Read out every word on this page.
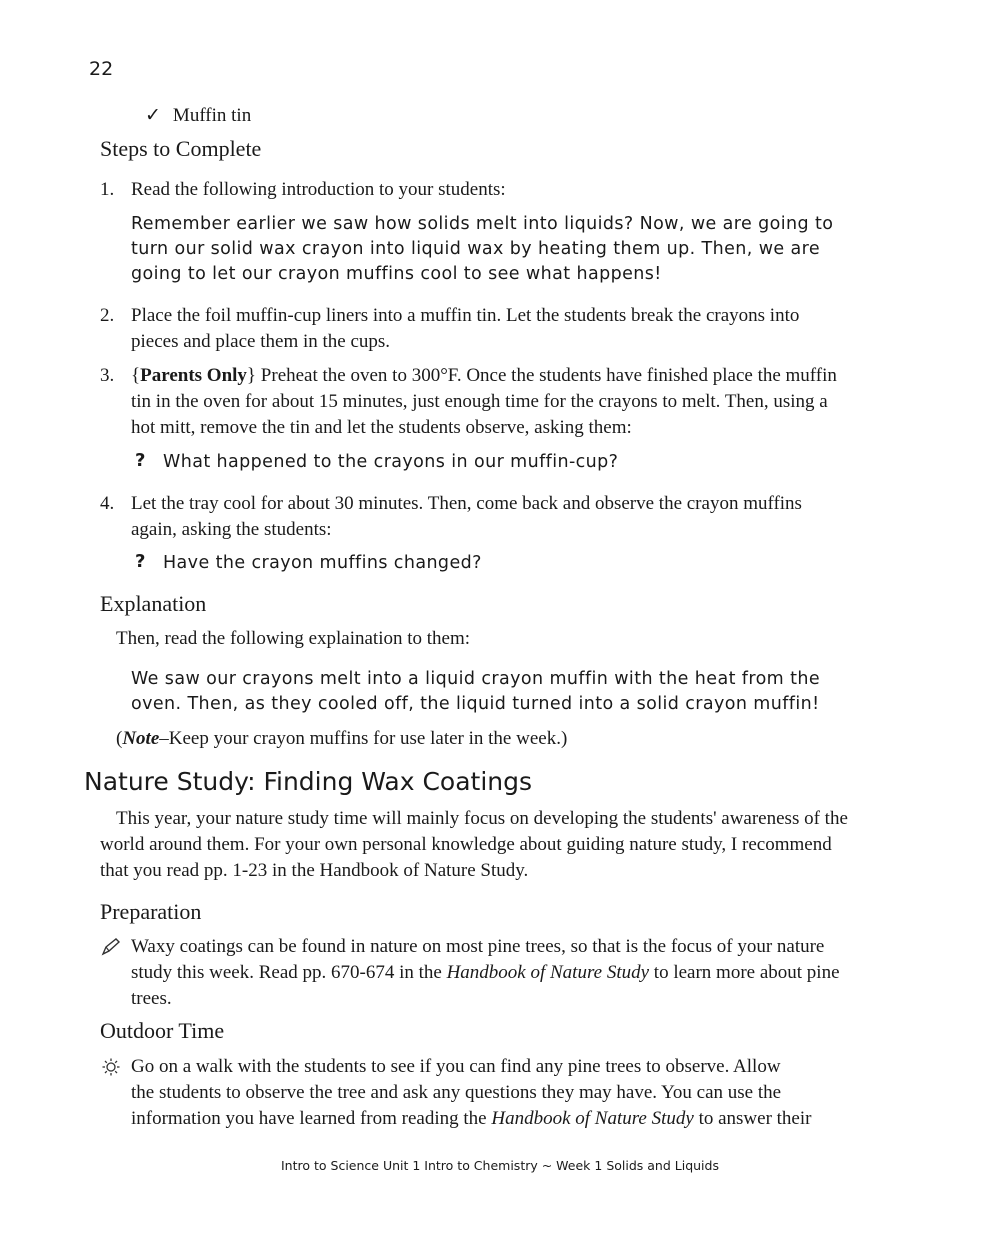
22
✓ Muffin tin
Steps to Complete
1. Read the following introduction to your students:
Remember earlier we saw how solids melt into liquids? Now, we are going to
turn our solid wax crayon into liquid wax by heating them up. Then, we are
going to let our crayon muffins cool to see what happens!
2. Place the foil muffin-cup liners into a muffin tin. Let the students break the crayons into
pieces and place them in the cups.
3. {Parents Only} Preheat the oven to 300°F. Once the students have finished place the muffin
tin in the oven for about 15 minutes, just enough time for the crayons to melt. Then, using a
hot mitt, remove the tin and let the students observe, asking them:
? What happened to the crayons in our muffin-cup?
4. Let the tray cool for about 30 minutes. Then, come back and observe the crayon muffins
again, asking the students:
? Have the crayon muffins changed?
Explanation
Then, read the following explaination to them:
We saw our crayons melt into a liquid crayon muffin with the heat from the
oven. Then, as they cooled off, the liquid turned into a solid crayon muffin!
(Note–Keep your crayon muffins for use later in the week.)
Nature Study: Finding Wax Coatings
This year, your nature study time will mainly focus on developing the students' awareness of the
world around them. For your own personal knowledge about guiding nature study, I recommend
that you read pp. 1-23 in the Handbook of Nature Study.
Preparation
Waxy coatings can be found in nature on most pine trees, so that is the focus of your nature
study this week. Read pp. 670-674 in the Handbook of Nature Study to learn more about pine
trees.
Outdoor Time
Go on a walk with the students to see if you can find any pine trees to observe. Allow
the students to observe the tree and ask any questions they may have. You can use the
information you have learned from reading the Handbook of Nature Study to answer their
Intro to Science Unit 1 Intro to Chemistry ~ Week 1 Solids and Liquids
